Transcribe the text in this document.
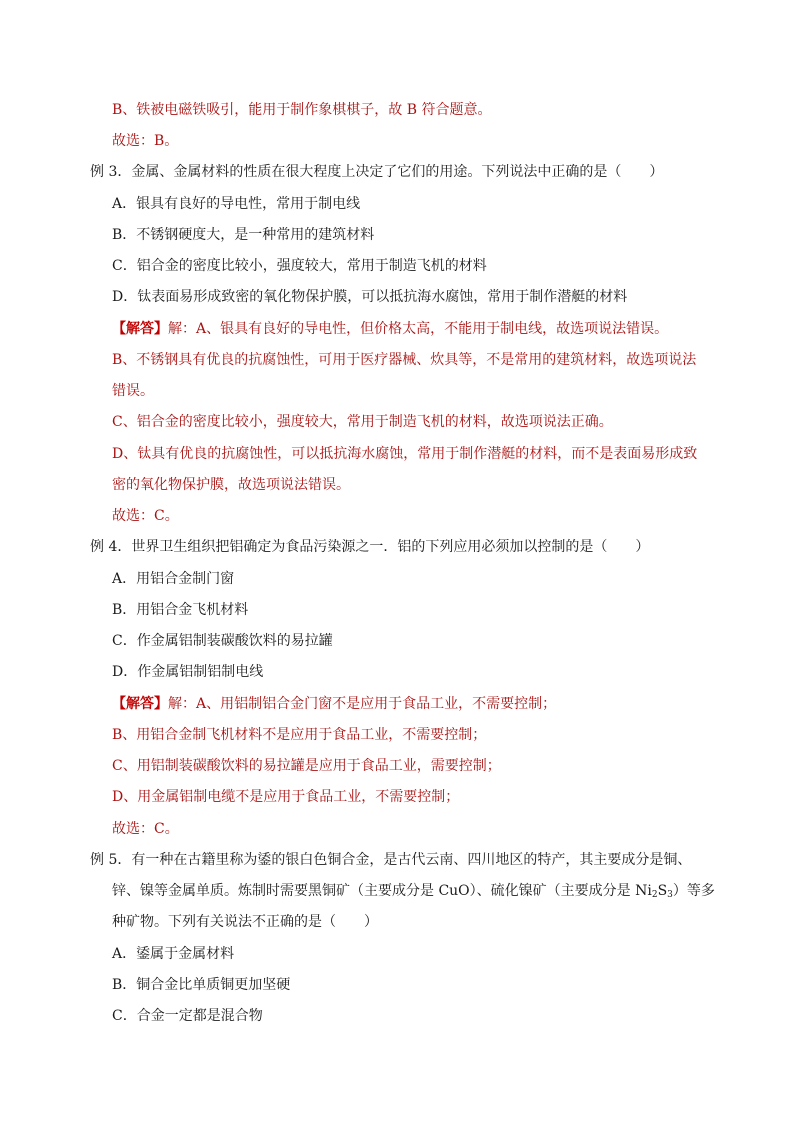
B、铁被电磁铁吸引，能用于制作象棋棋子，故 B 符合题意。
故选：B。
例 3．金属、金属材料的性质在很大程度上决定了它们的用途。下列说法中正确的是（　　）
A．银具有良好的导电性，常用于制电线
B．不锈钢硬度大，是一种常用的建筑材料
C．铝合金的密度比较小，强度较大，常用于制造飞机的材料
D．钛表面易形成致密的氧化物保护膜，可以抵抗海水腐蚀，常用于制作潜艇的材料
【解答】解：A、银具有良好的导电性，但价格太高，不能用于制电线，故选项说法错误。
B、不锈钢具有优良的抗腐蚀性，可用于医疗器械、炊具等，不是常用的建筑材料，故选项说法
错误。
C、铝合金的密度比较小，强度较大，常用于制造飞机的材料，故选项说法正确。
D、钛具有优良的抗腐蚀性，可以抵抗海水腐蚀，常用于制作潜艇的材料，而不是表面易形成致
密的氧化物保护膜，故选项说法错误。
故选：C。
例 4．世界卫生组织把铝确定为食品污染源之一．铝的下列应用必须加以控制的是（　　）
A．用铝合金制门窗
B．用铝合金飞机材料
C．作金属铝制装碳酸饮料的易拉罐
D．作金属铝制铝制电线
【解答】解：A、用铝制铝合金门窗不是应用于食品工业，不需要控制；
B、用铝合金制飞机材料不是应用于食品工业，不需要控制；
C、用铝制装碳酸饮料的易拉罐是应用于食品工业，需要控制；
D、用金属铝制电缆不是应用于食品工业，不需要控制；
故选：C。
例 5．有一种在古籍里称为鋈的银白色铜合金，是古代云南、四川地区的特产，其主要成分是铜、
锌、镍等金属单质。炼制时需要黑铜矿（主要成分是 CuO）、硫化镍矿（主要成分是 $Ni_2S_3$）等多
种矿物。下列有关说法不正确的是（　　）
A．鋈属于金属材料
B．铜合金比单质铜更加坚硬
C．合金一定都是混合物
